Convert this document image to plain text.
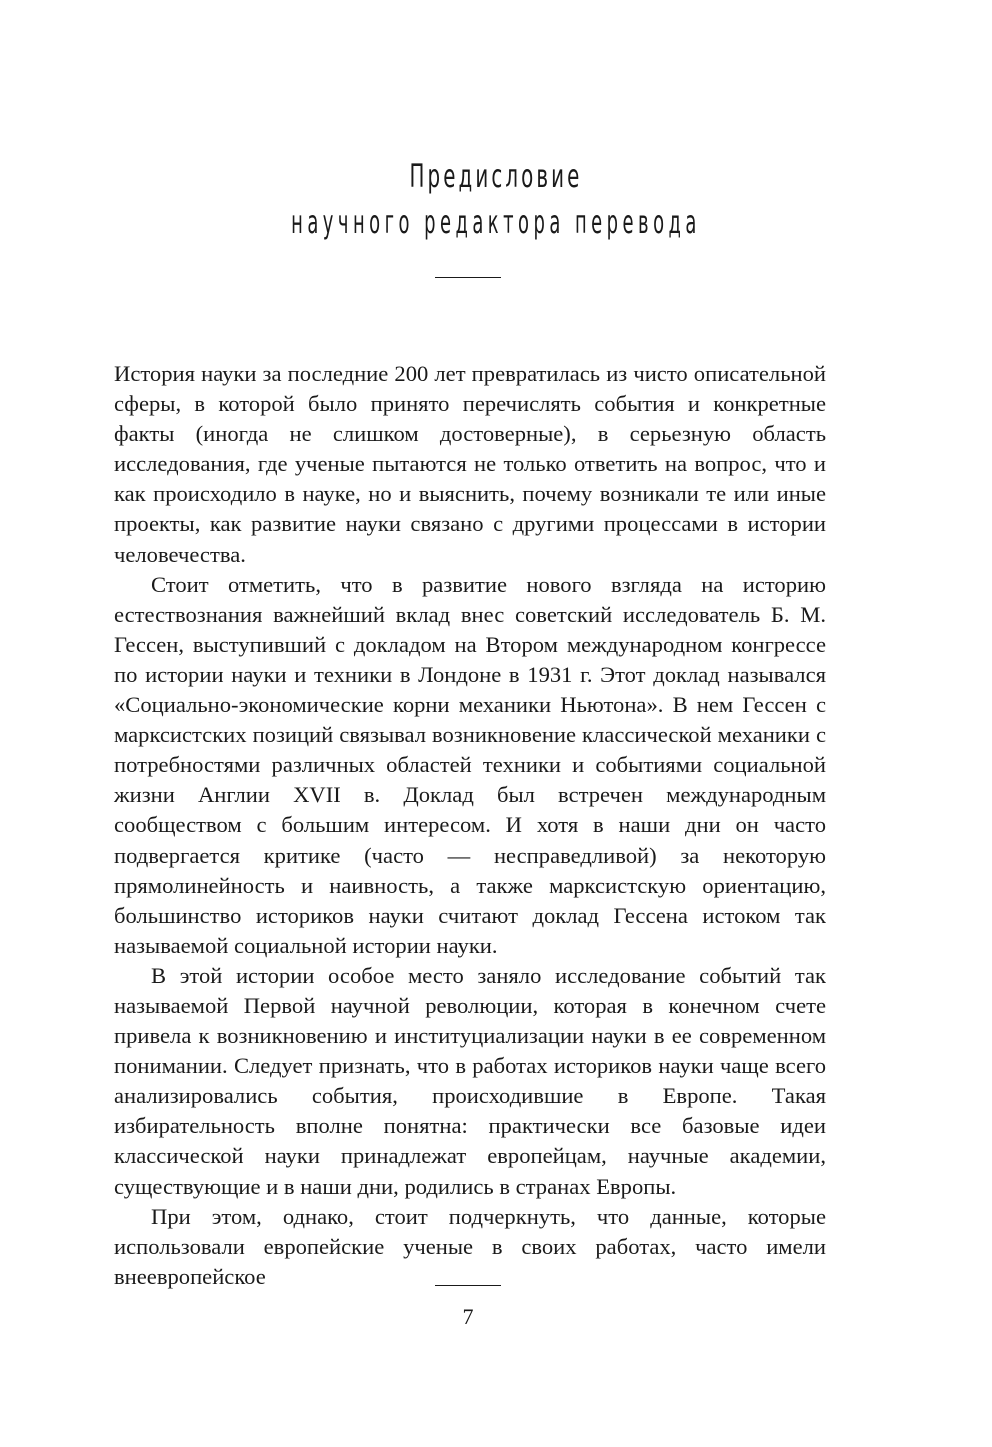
Предисловие
научного редактора перевода

История науки за последние 200 лет превратилась из чисто описательной сферы, в которой было принято перечислять события и конкретные факты (иногда не слишком достоверные), в серьезную область исследования, где ученые пытаются не только ответить на вопрос, что и как происходило в науке, но и выяснить, почему возникали те или иные проекты, как развитие науки связано с другими процессами в истории человечества.

Стоит отметить, что в развитие нового взгляда на историю естествознания важнейший вклад внес советский исследователь Б. М. Гессен, выступивший с докладом на Втором международном конгрессе по истории науки и техники в Лондоне в 1931 г. Этот доклад назывался «Социально-экономические корни механики Ньютона». В нем Гессен с марксистских позиций связывал возникновение классической механики с потребностями различных областей техники и событиями социальной жизни Англии XVII в. Доклад был встречен международным сообществом с большим интересом. И хотя в наши дни он часто подвергается критике (часто — несправедливой) за некоторую прямолинейность и наивность, а также марксистскую ориентацию, большинство историков науки считают доклад Гессена истоком так называемой социальной истории науки.

В этой истории особое место заняло исследование событий так называемой Первой научной революции, которая в конечном счете привела к возникновению и институциализации науки в ее современном понимании. Следует признать, что в работах историков науки чаще всего анализировались события, происходившие в Европе. Такая избирательность вполне понятна: практически все базовые идеи классической науки принадлежат европейцам, научные академии, существующие и в наши дни, родились в странах Европы.

При этом, однако, стоит подчеркнуть, что данные, которые использовали европейские ученые в своих работах, часто имели внеевропейское

7
